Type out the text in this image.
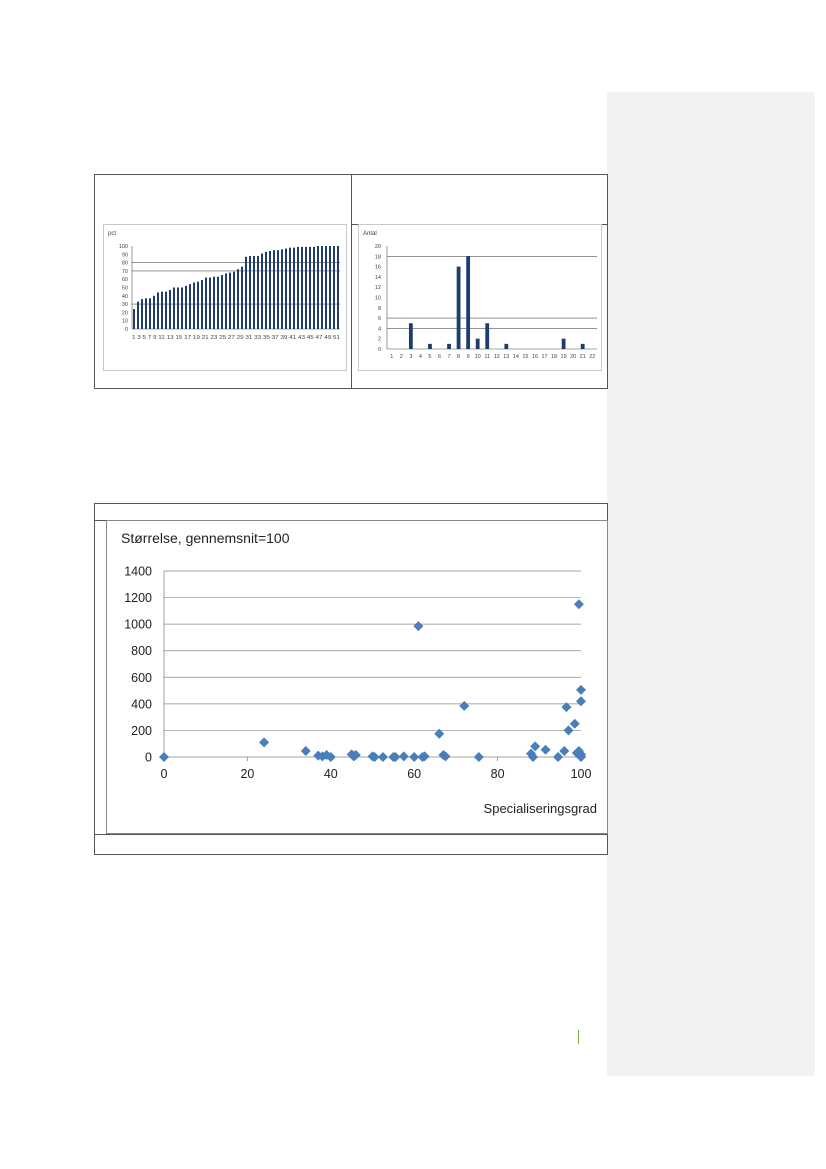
pct
0
10
20
30
40
50
60
70
80
90
100
1 3 5 7 9 11 13 15 17 19 21 23 25 27 29 31 33 35 37 39 41 43 45 47 49 51
Antal
0
2
4
6
8
10
12
14
16
18
20
1 2 3 4 5 6 7 8 9 10 11 12 13 14 15 16 17 18 19 20 21 22
Størrelse, gennemsnit=100
Specialiseringsgrad
0
200
400
600
800
1000
1200
1400
0	20	40	60	80	100
